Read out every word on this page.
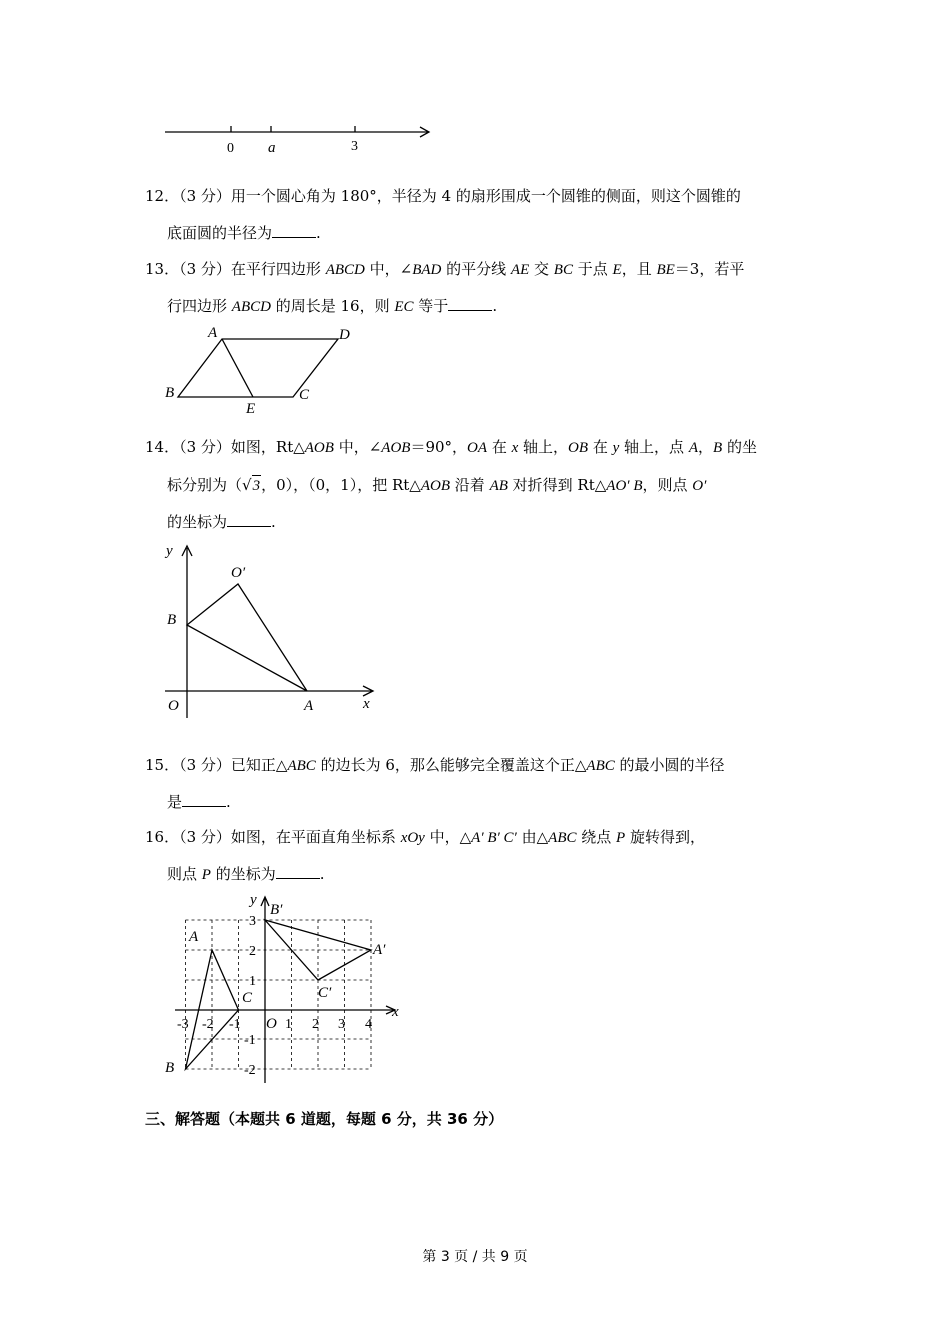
0 a	3
12．（3 分）用一个圆心角为 180°，半径为 4 的扇形围成一个圆锥的侧面，则这个圆锥的
底面圆的半径为	.
13．（3 分）在平行四边形 ABCD 中，∠BAD 的平分线 AE 交 BC 于点 E，且 BE＝3，若平
行四边形 ABCD 的周长是 16，则 EC 等于	.
A	D
B
E
C
14．（3 分）如图，Rt△AOB 中，∠AOB＝90°，OA 在 x 轴上，OB 在 y 轴上，点 A，B 的坐
标分别为（√3，0），（0，1），把 Rt△AOB 沿着 AB 对折得到 Rt△AO′ B，则点 O′
的坐标为	.
y
O′
B
O	A	x
15．（3 分）已知正△ABC 的边长为 6，那么能够完全覆盖这个正△ABC 的最小圆的半径
是	.
16．（3 分）如图，在平面直角坐标系 xOy 中，△A′ B′ C′ 由△ABC 绕点 P 旋转得到，
则点 P 的坐标为	.
y
x
O
A
B
C
A′
B′
C′
-3 -2 -1	1 2 3 4
3
2
1
-1
-2
三、解答题（本题共 6 道题，每题 6 分，共 36 分）
第 3 页 / 共 9 页
